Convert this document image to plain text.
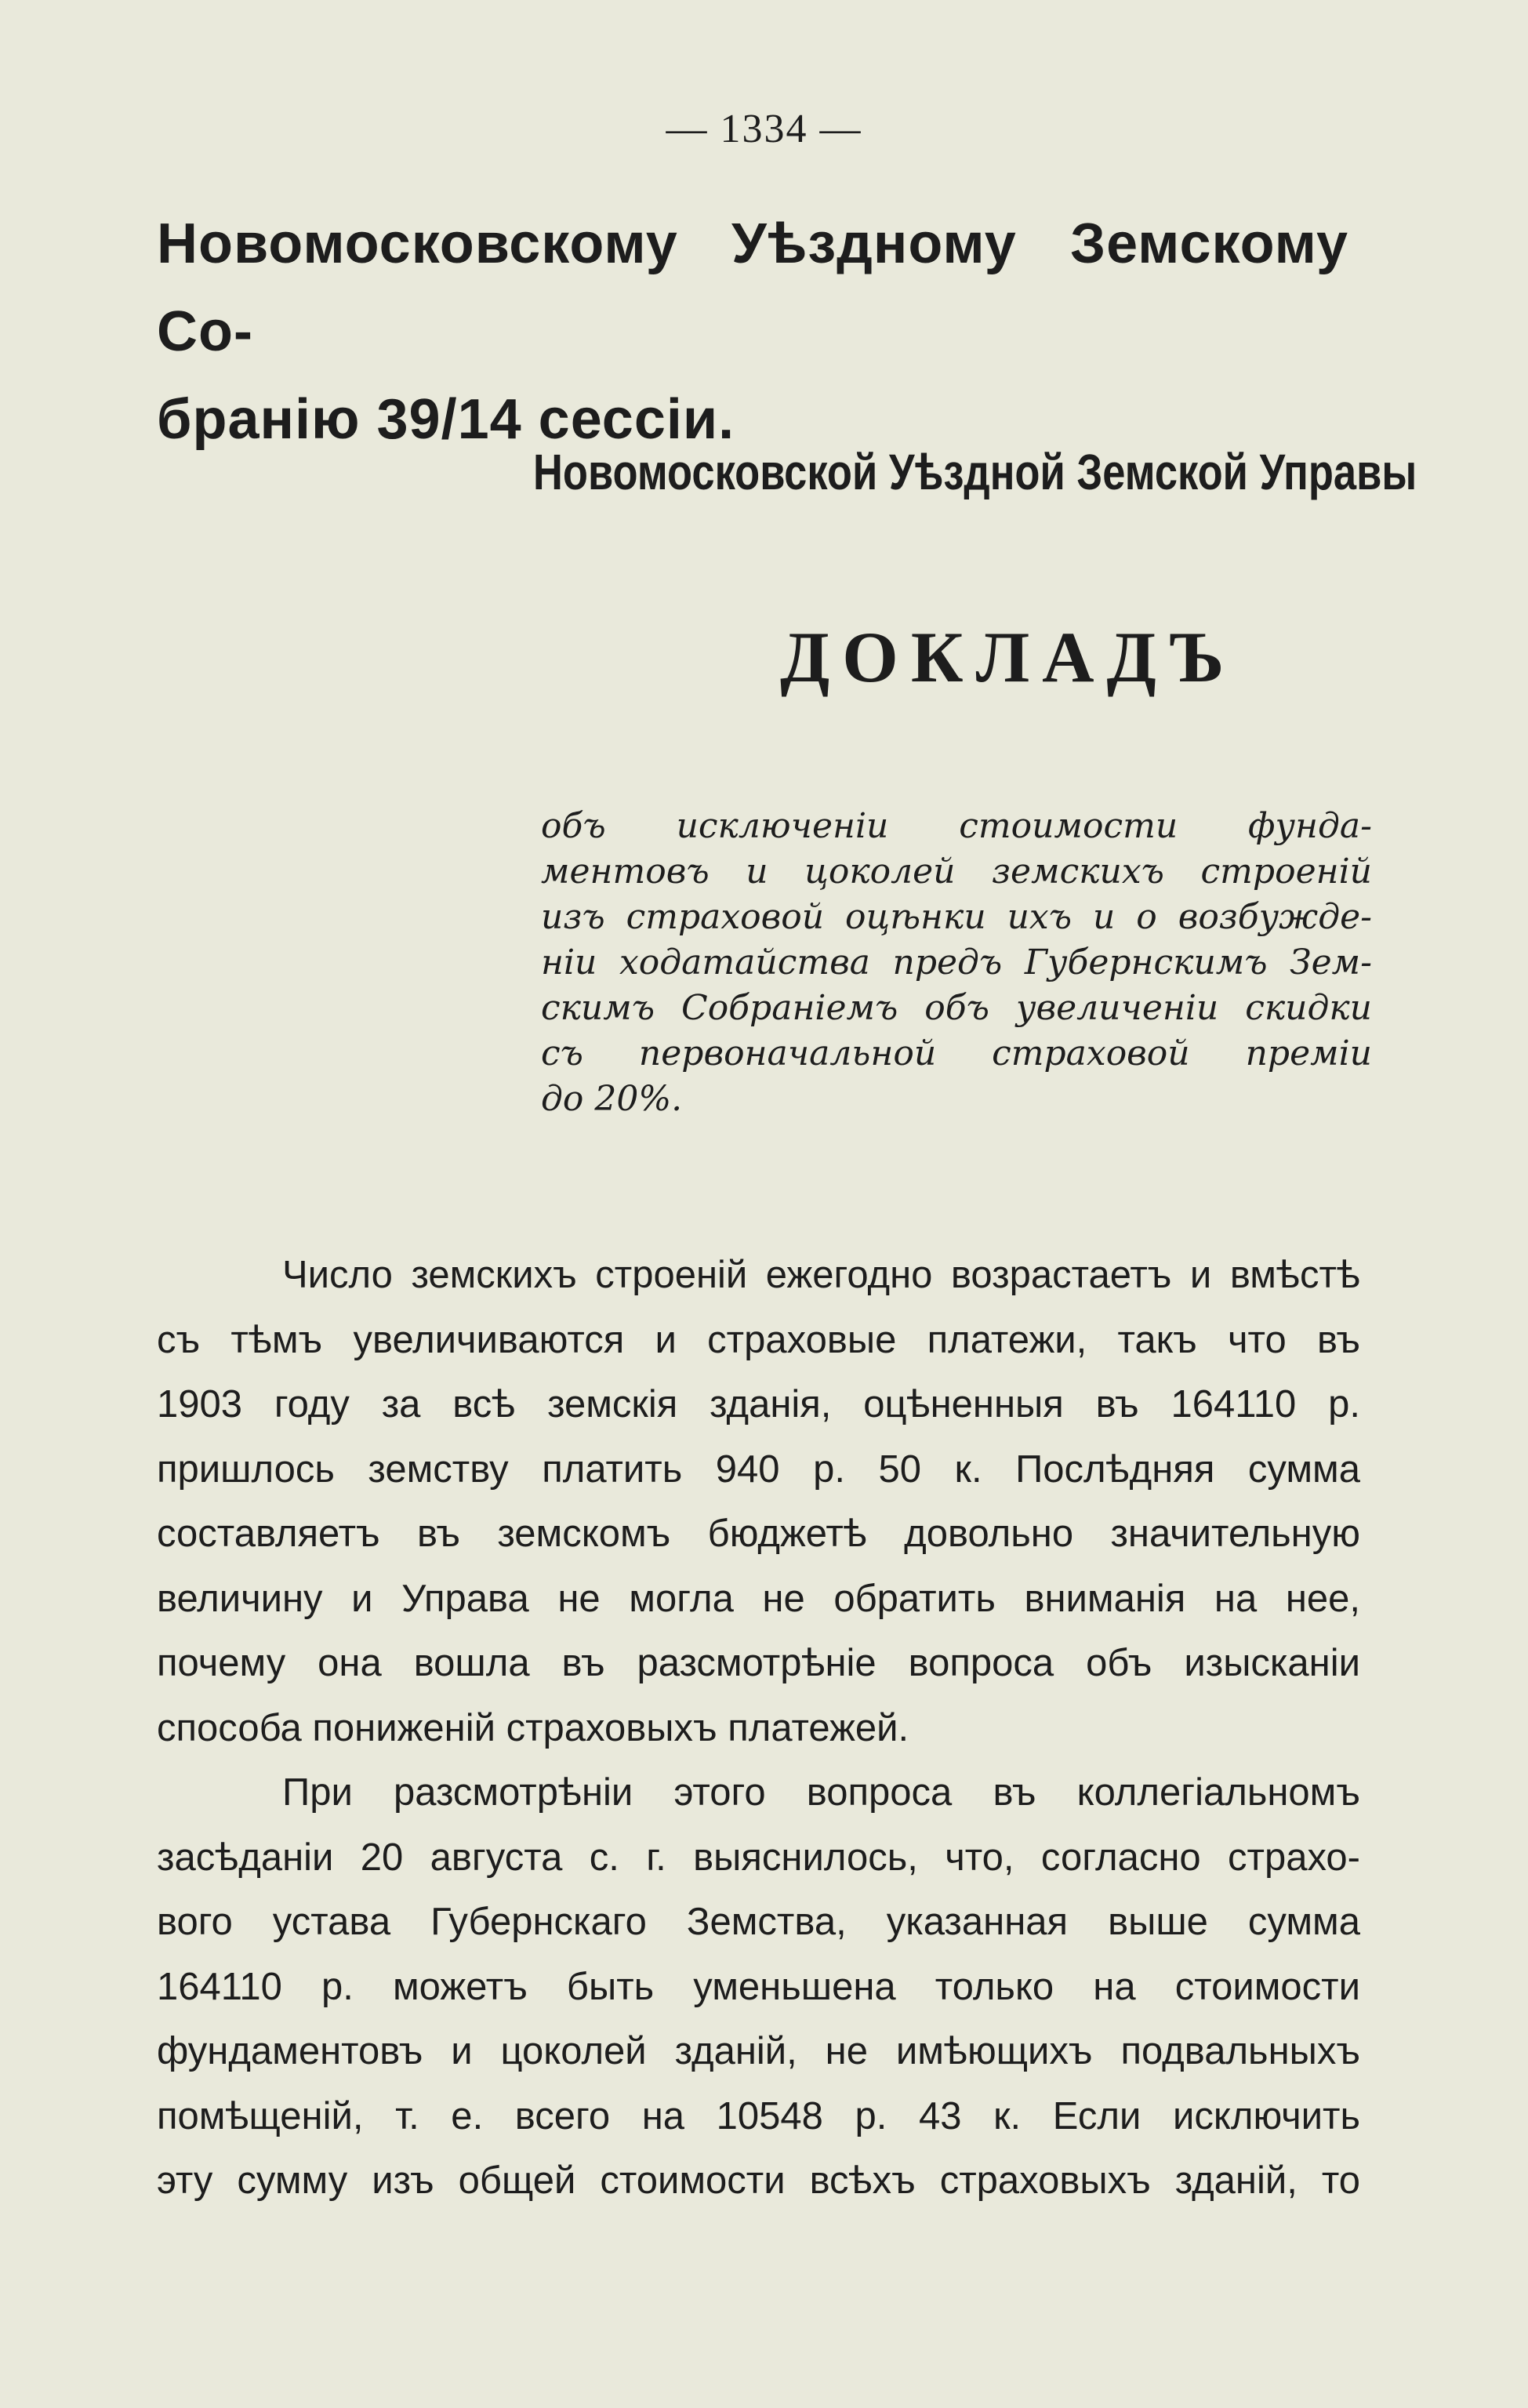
— 1334 —
Новомосковскому Уѣздному Земскому Со-
бранію 39/14 сессіи.
Новомосковской Уѣздной Земской Управы
ДОКЛАДЪ
объ исключеніи стоимости фунда-
ментовъ и цоколей земскихъ строеній
изъ страховой оцѣнки ихъ и о возбужде-
ніи ходатайства предъ Губернскимъ Зем-
скимъ Собраніемъ объ увеличеніи скидки
съ первоначальной страховой преміи
до 20%.
Число земскихъ строеній ежегодно возрастаетъ и вмѣстѣ
съ тѣмъ увеличиваются и страховые платежи, такъ что въ
1903 году за всѣ земскія зданія, оцѣненныя въ 164110 р.
пришлось земству платить 940 р. 50 к. Послѣдняя сумма
составляетъ въ земскомъ бюджетѣ довольно значительную
величину и Управа не могла не обратить вниманія на нее,
почему она вошла въ разсмотрѣніе вопроса объ изысканіи
способа пониженій страховыхъ платежей.
При разсмотрѣніи этого вопроса въ коллегіальномъ
засѣданіи 20 августа с. г. выяснилось, что, согласно страхо-
вого устава Губернскаго Земства, указанная выше сумма
164110 р. можетъ быть уменьшена только на стоимости
фундаментовъ и цоколей зданій, не имѣющихъ подвальныхъ
помѣщеній, т. е. всего на 10548 р. 43 к. Если исключить
эту сумму изъ общей стоимости всѣхъ страховыхъ зданій, то
